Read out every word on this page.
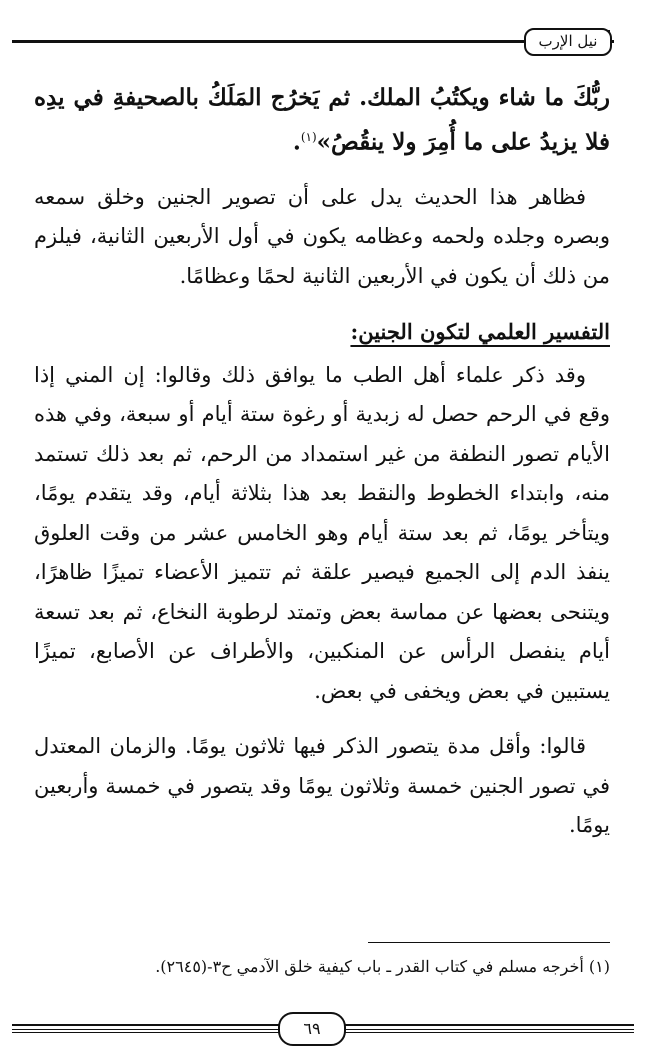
نيل الإرب

ربُّكَ ما شاء ويكتُبُ الملك. ثم يَخرُج المَلَكُ بالصحيفةِ في يدِه فلا يزيدُ على ما أُمِرَ ولا ينقُصُ»$^{(١)}$.

فظاهر هذا الحديث يدل على أن تصوير الجنين وخلق سمعه وبصره وجلده ولحمه وعظامه يكون في أول الأربعين الثانية، فيلزم من ذلك أن يكون في الأربعين الثانية لحمًا وعظامًا.

التفسير العلمي لتكون الجنين:

وقد ذكر علماء أهل الطب ما يوافق ذلك وقالوا: إن المني إذا وقع في الرحم حصل له زبدية أو رغوة ستة أيام أو سبعة، وفي هذه الأيام تصور النطفة من غير استمداد من الرحم، ثم بعد ذلك تستمد منه، وابتداء الخطوط والنقط بعد هذا بثلاثة أيام، وقد يتقدم يومًا، ويتأخر يومًا، ثم بعد ستة أيام وهو الخامس عشر من وقت العلوق ينفذ الدم إلى الجميع فيصير علقة ثم تتميز الأعضاء تميزًا ظاهرًا، ويتنحى بعضها عن مماسة بعض وتمتد لرطوبة النخاع، ثم بعد تسعة أيام ينفصل الرأس عن المنكبين، والأطراف عن الأصابع، تميزًا يستبين في بعض ويخفى في بعض.

قالوا: وأقل مدة يتصور الذكر فيها ثلاثون يومًا. والزمان المعتدل في تصور الجنين خمسة وثلاثون يومًا وقد يتصور في خمسة وأربعين يومًا.

(١) أخرجه مسلم في كتاب القدر ـ باب كيفية خلق الآدمي ح٣-(٢٦٤٥).
٦٩
